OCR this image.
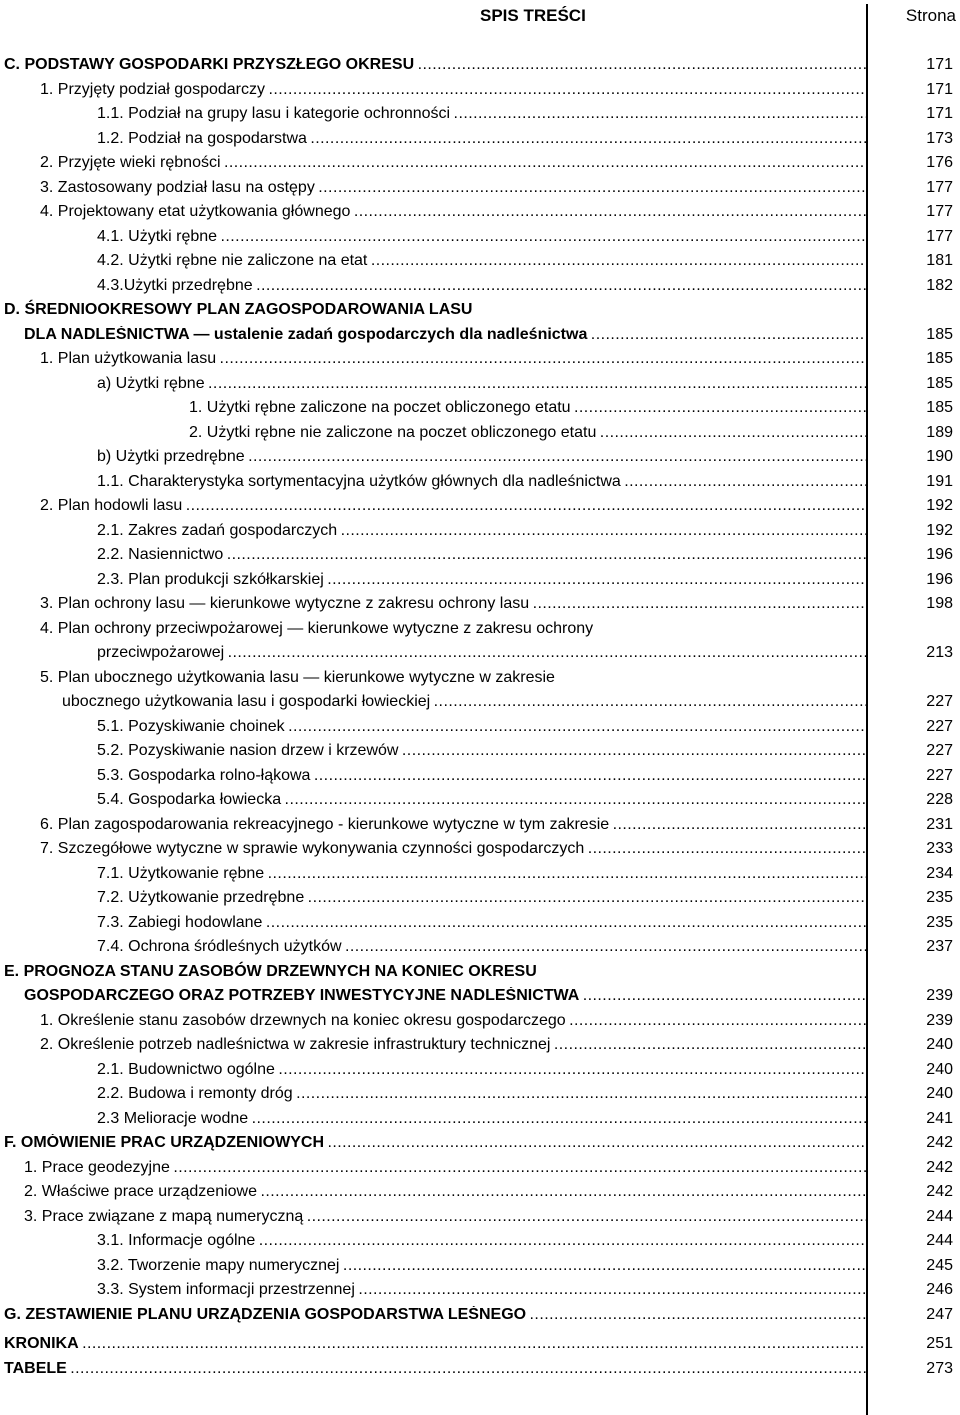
SPIS TREŚCI	Strona
C. PODSTAWY GOSPODARKI PRZYSZŁEGO OKRESU . . .	171
1. Przyjęty podział gospodarczy . . .	171
1.1. Podział na grupy lasu i kategorie ochronności . . .	171
1.2. Podział na gospodarstwa . . .	173
2. Przyjęte wieki rębności . . .	176
3. Zastosowany podział lasu na ostępy . . .	177
4. Projektowany etat użytkowania głównego . . .	177
4.1. Użytki rębne . . .	177
4.2. Użytki rębne nie zaliczone na etat . . .	181
4.3.Użytki przedrębne . . .	182
D. ŚREDNIOOKRESOWY PLAN ZAGOSPODAROWANIA LASU
DLA NADLEŚNICTWA — ustalenie zadań gospodarczych dla nadleśnictwa . . .	185
1. Plan użytkowania lasu . . .	185
a) Użytki rębne . . .	185
1. Użytki rębne zaliczone na poczet obliczonego etatu . . .	185
2. Użytki rębne nie zaliczone na poczet obliczonego etatu . . .	189
b) Użytki przedrębne . . .	190
1.1. Charakterystyka sortymentacyjna użytków głównych dla nadleśnictwa . . .	191
2. Plan hodowli lasu . . .	192
2.1. Zakres zadań gospodarczych . . .	192
2.2. Nasiennictwo . . .	196
2.3. Plan produkcji szkółkarskiej . . .	196
3. Plan ochrony lasu — kierunkowe wytyczne z zakresu ochrony lasu . . .	198
4. Plan ochrony przeciwpożarowej — kierunkowe wytyczne z zakresu ochrony
przeciwpożarowej . . .	213
5. Plan ubocznego użytkowania lasu — kierunkowe wytyczne w zakresie
ubocznego użytkowania lasu i gospodarki łowieckiej . . .	227
5.1. Pozyskiwanie choinek . . .	227
5.2. Pozyskiwanie nasion drzew i krzewów . . .	227
5.3. Gospodarka rolno-łąkowa . . .	227
5.4. Gospodarka łowiecka . . .	228
6. Plan zagospodarowania rekreacyjnego - kierunkowe wytyczne w tym zakresie . . .	231
7. Szczegółowe wytyczne w sprawie wykonywania czynności gospodarczych . . .	233
7.1. Użytkowanie rębne . . .	234
7.2. Użytkowanie przedrębne . . .	235
7.3. Zabiegi hodowlane . . .	235
7.4. Ochrona śródleśnych użytków . . .	237
E. PROGNOZA STANU ZASOBÓW DRZEWNYCH NA KONIEC OKRESU
GOSPODARCZEGO ORAZ POTRZEBY INWESTYCYJNE NADLEŚNICTWA . . .	239
1. Określenie stanu zasobów drzewnych na koniec okresu gospodarczego . . .	239
2. Określenie potrzeb nadleśnictwa w zakresie infrastruktury technicznej . . .	240
2.1. Budownictwo ogólne . . .	240
2.2. Budowa i remonty dróg . . .	240
2.3 Melioracje wodne . . .	241
F. OMÓWIENIE PRAC URZĄDZENIOWYCH . . .	242
1. Prace geodezyjne . . .	242
2. Właściwe prace urządzeniowe . . .	242
3. Prace związane z mapą numeryczną . . .	244
3.1. Informacje ogólne . . .	244
3.2. Tworzenie mapy numerycznej . . .	245
3.3. System informacji przestrzennej . . .	246
G. ZESTAWIENIE PLANU URZĄDZENIA GOSPODARSTWA LEŚNEGO . . .	247
KRONIKA . . .	251
TABELE . . .	273
